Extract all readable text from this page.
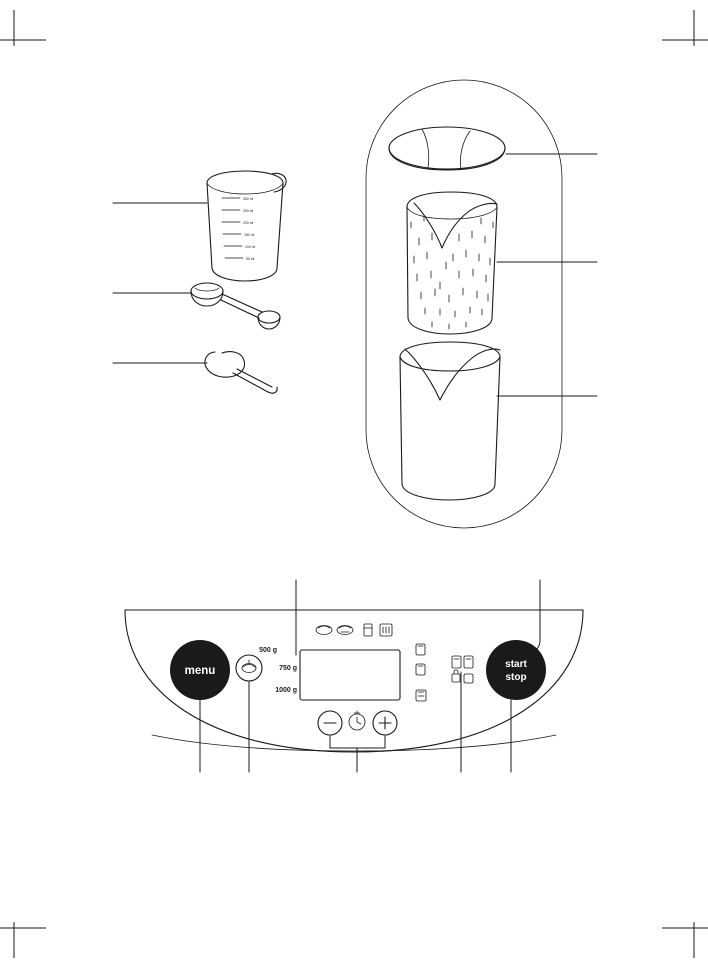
300 ml
250 ml
200 ml
150 ml
100 ml
50 ml
500 g
750 g
1000 g
menu
start
stop
